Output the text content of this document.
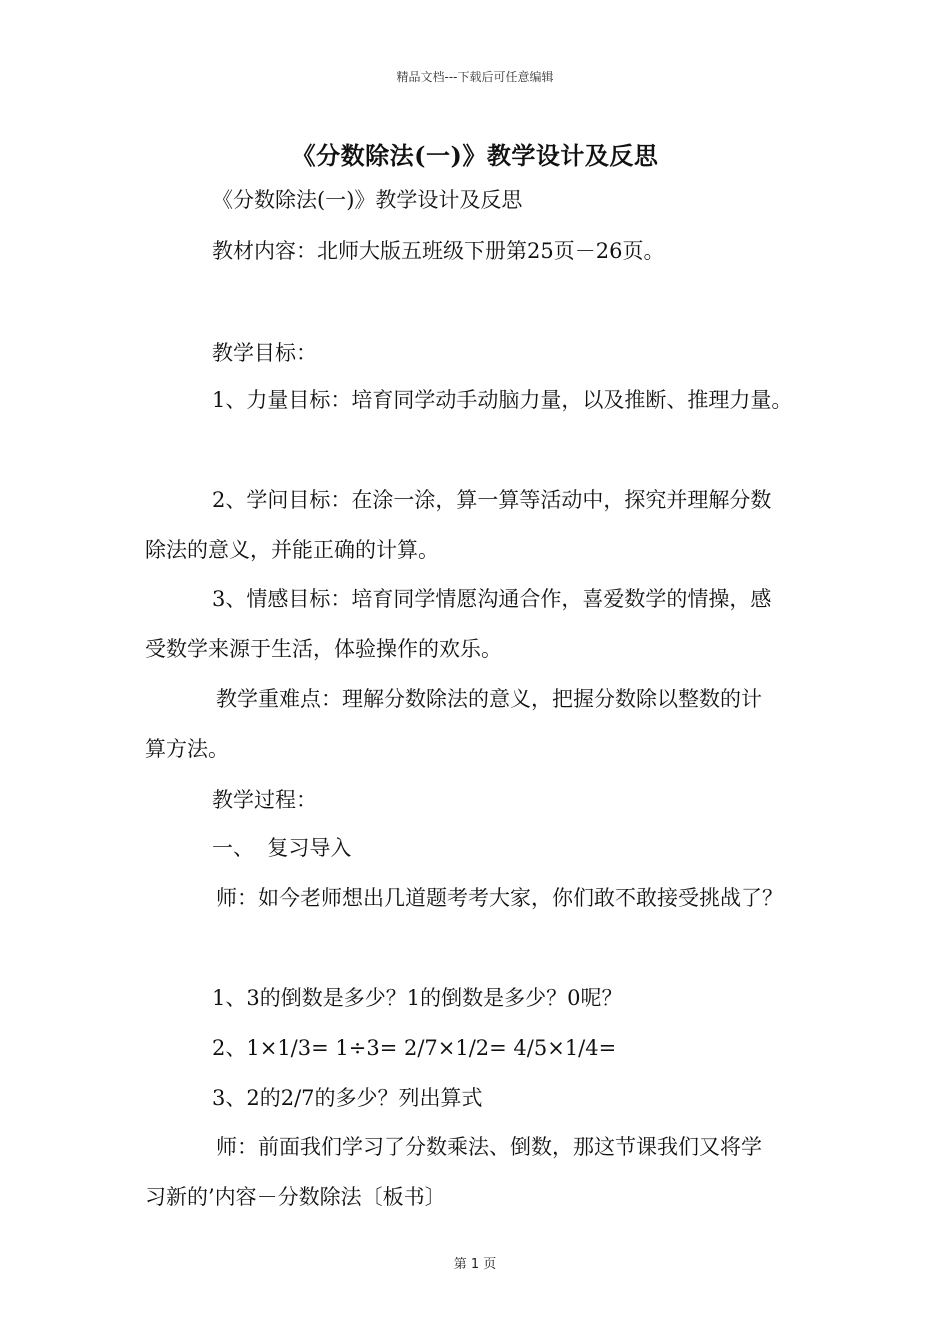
精品文档---下载后可任意编辑
《分数除法(一)》教学设计及反思
《分数除法(一)》教学设计及反思
教材内容：北师大版五班级下册第25页－26页。
教学目标：
1、力量目标：培育同学动手动脑力量，以及推断、推理力量。
2、学问目标：在涂一涂，算一算等活动中，探究并理解分数
除法的意义，并能正确的计算。
3、情感目标：培育同学情愿沟通合作，喜爱数学的情操，感
受数学来源于生活，体验操作的欢乐。
教学重难点：理解分数除法的意义，把握分数除以整数的计
算方法。
教学过程：
一、  复习导入
师：如今老师想出几道题考考大家，你们敢不敢接受挑战了？
1、3的倒数是多少？1的倒数是多少？0呢？
2、1×1/3= 1÷3= 2/7×1/2= 4/5×1/4=
3、2的2/7的多少？列出算式
师：前面我们学习了分数乘法、倒数，那这节课我们又将学
习新的’内容－分数除法〔板书〕
第 1 页
